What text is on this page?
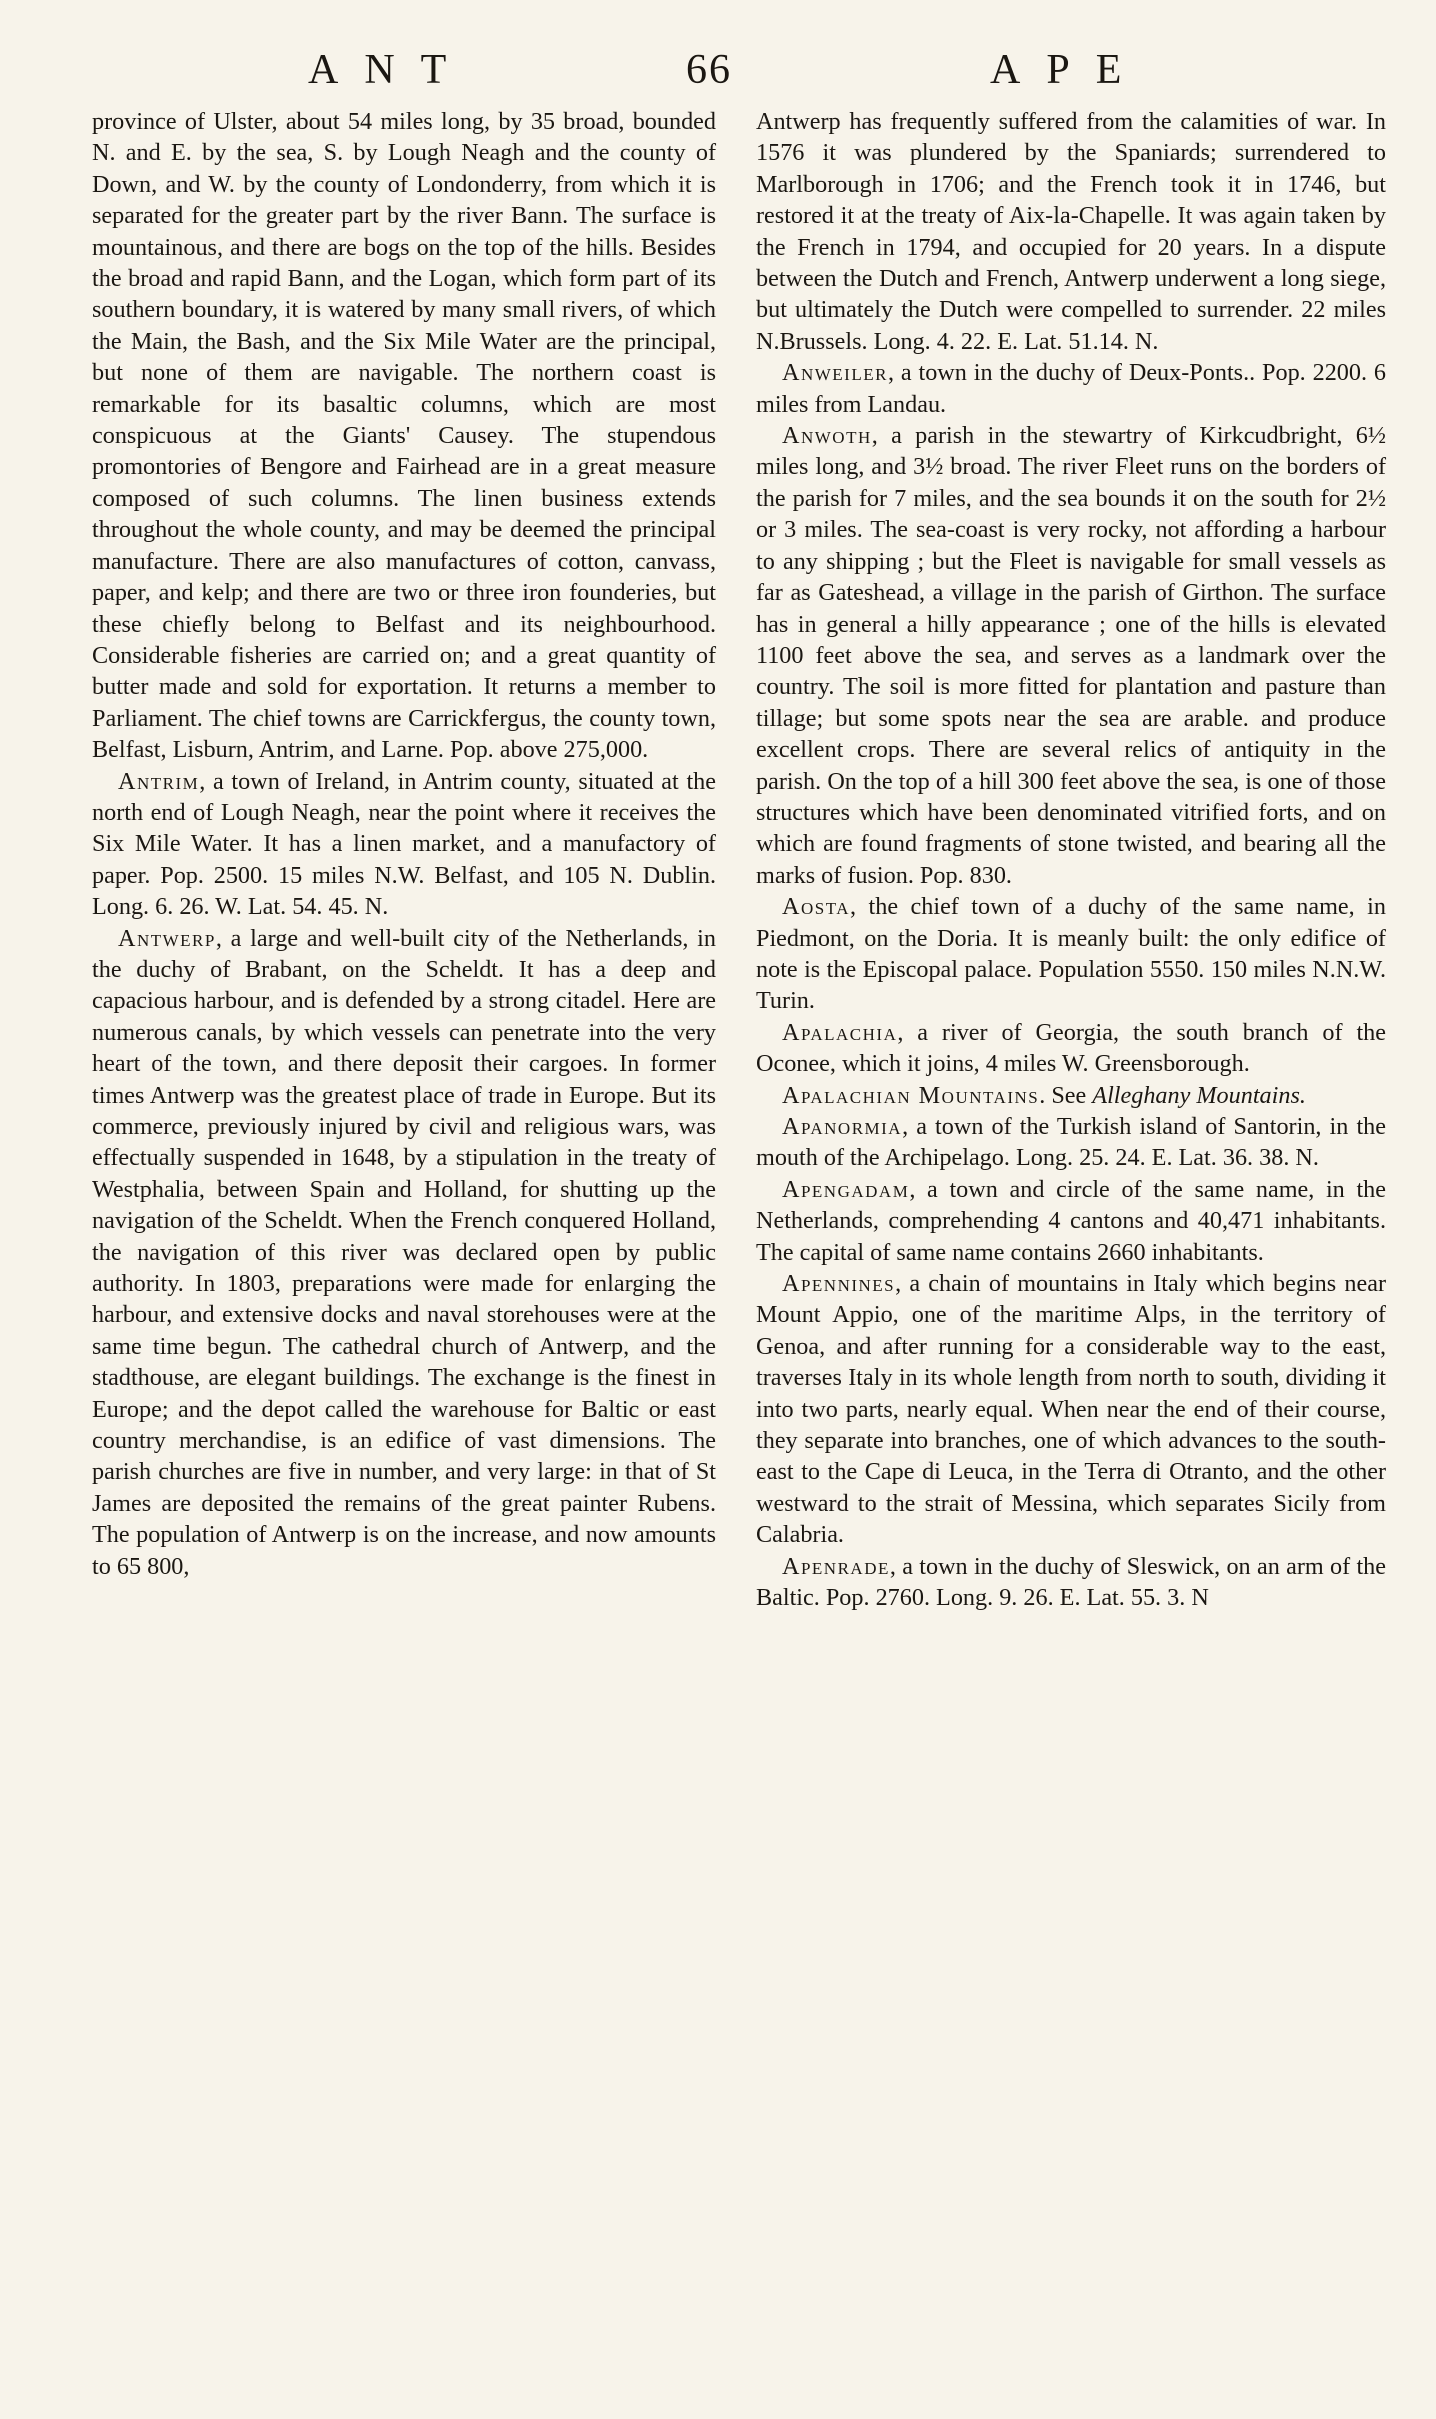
ANT	66	APE

province of Ulster, about 54 miles long, by 35 broad, bounded N. and E. by the sea, S. by Lough Neagh and the county of Down, and W. by the county of Londonderry, from which it is separated for the greater part by the river Bann. The surface is mountainous, and there are bogs on the top of the hills. Besides the broad and rapid Bann, and the Logan, which form part of its southern boundary, it is watered by many small rivers, of which the Main, the Bash, and the Six Mile Water are the principal, but none of them are navigable. The northern coast is remarkable for its basaltic columns, which are most conspicuous at the Giants' Causey. The stupendous promontories of Bengore and Fairhead are in a great measure composed of such columns. The linen business extends throughout the whole county, and may be deemed the principal manufacture. There are also manufactures of cotton, canvass, paper, and kelp; and there are two or three iron founderies, but these chiefly belong to Belfast and its neighbourhood. Considerable fisheries are carried on; and a great quantity of butter made and sold for exportation. It returns a member to Parliament. The chief towns are Carrickfergus, the county town, Belfast, Lisburn, Antrim, and Larne. Pop. above 275,000.

Antrim, a town of Ireland, in Antrim county, situated at the north end of Lough Neagh, near the point where it receives the Six Mile Water. It has a linen market, and a manufactory of paper. Pop. 2500. 15 miles N.W. Belfast, and 105 N. Dublin. Long. 6. 26. W. Lat. 54. 45. N.

Antwerp, a large and well-built city of the Netherlands, in the duchy of Brabant, on the Scheldt. It has a deep and capacious harbour, and is defended by a strong citadel. Here are numerous canals, by which vessels can penetrate into the very heart of the town, and there deposit their cargoes. In former times Antwerp was the greatest place of trade in Europe. But its commerce, previously injured by civil and religious wars, was effectually suspended in 1648, by a stipulation in the treaty of Westphalia, between Spain and Holland, for shutting up the navigation of the Scheldt. When the French conquered Holland, the navigation of this river was declared open by public authority. In 1803, preparations were made for enlarging the harbour, and extensive docks and naval storehouses were at the same time begun. The cathedral church of Antwerp, and the stadthouse, are elegant buildings. The exchange is the finest in Europe; and the depot called the warehouse for Baltic or east country merchandise, is an edifice of vast dimensions. The parish churches are five in number, and very large: in that of St James are deposited the remains of the great painter Rubens. The population of Antwerp is on the increase, and now amounts to 65 800,

Antwerp has frequently suffered from the calamities of war. In 1576 it was plundered by the Spaniards; surrendered to Marlborough in 1706; and the French took it in 1746, but restored it at the treaty of Aix-la-Chapelle. It was again taken by the French in 1794, and occupied for 20 years. In a dispute between the Dutch and French, Antwerp underwent a long siege, but ultimately the Dutch were compelled to surrender. 22 miles N.Brussels. Long. 4. 22. E. Lat. 51.14. N.

Anweiler, a town in the duchy of Deux-Ponts.. Pop. 2200. 6 miles from Landau.

Anwoth, a parish in the stewartry of Kirkcudbright, 6½ miles long, and 3½ broad. The river Fleet runs on the borders of the parish for 7 miles, and the sea bounds it on the south for 2½ or 3 miles. The sea-coast is very rocky, not affording a harbour to any shipping ; but the Fleet is navigable for small vessels as far as Gateshead, a village in the parish of Girthon. The surface has in general a hilly appearance ; one of the hills is elevated 1100 feet above the sea, and serves as a landmark over the country. The soil is more fitted for plantation and pasture than tillage; but some spots near the sea are arable. and produce excellent crops. There are several relics of antiquity in the parish. On the top of a hill 300 feet above the sea, is one of those structures which have been denominated vitrified forts, and on which are found fragments of stone twisted, and bearing all the marks of fusion. Pop. 830.

Aosta, the chief town of a duchy of the same name, in Piedmont, on the Doria. It is meanly built: the only edifice of note is the Episcopal palace. Population 5550. 150 miles N.N.W. Turin.

Apalachia, a river of Georgia, the south branch of the Oconee, which it joins, 4 miles W. Greensborough.

Apalachian Mountains. See Alleghany Mountains.

Apanormia, a town of the Turkish island of Santorin, in the mouth of the Archipelago. Long. 25. 24. E. Lat. 36. 38. N.

Apengadam, a town and circle of the same name, in the Netherlands, comprehending 4 cantons and 40,471 inhabitants. The capital of same name contains 2660 inhabitants.

Apennines, a chain of mountains in Italy which begins near Mount Appio, one of the maritime Alps, in the territory of Genoa, and after running for a considerable way to the east, traverses Italy in its whole length from north to south, dividing it into two parts, nearly equal. When near the end of their course, they separate into branches, one of which advances to the south-east to the Cape di Leuca, in the Terra di Otranto, and the other westward to the strait of Messina, which separates Sicily from Calabria.

Apenrade, a town in the duchy of Sleswick, on an arm of the Baltic. Pop. 2760. Long. 9. 26. E. Lat. 55. 3. N
